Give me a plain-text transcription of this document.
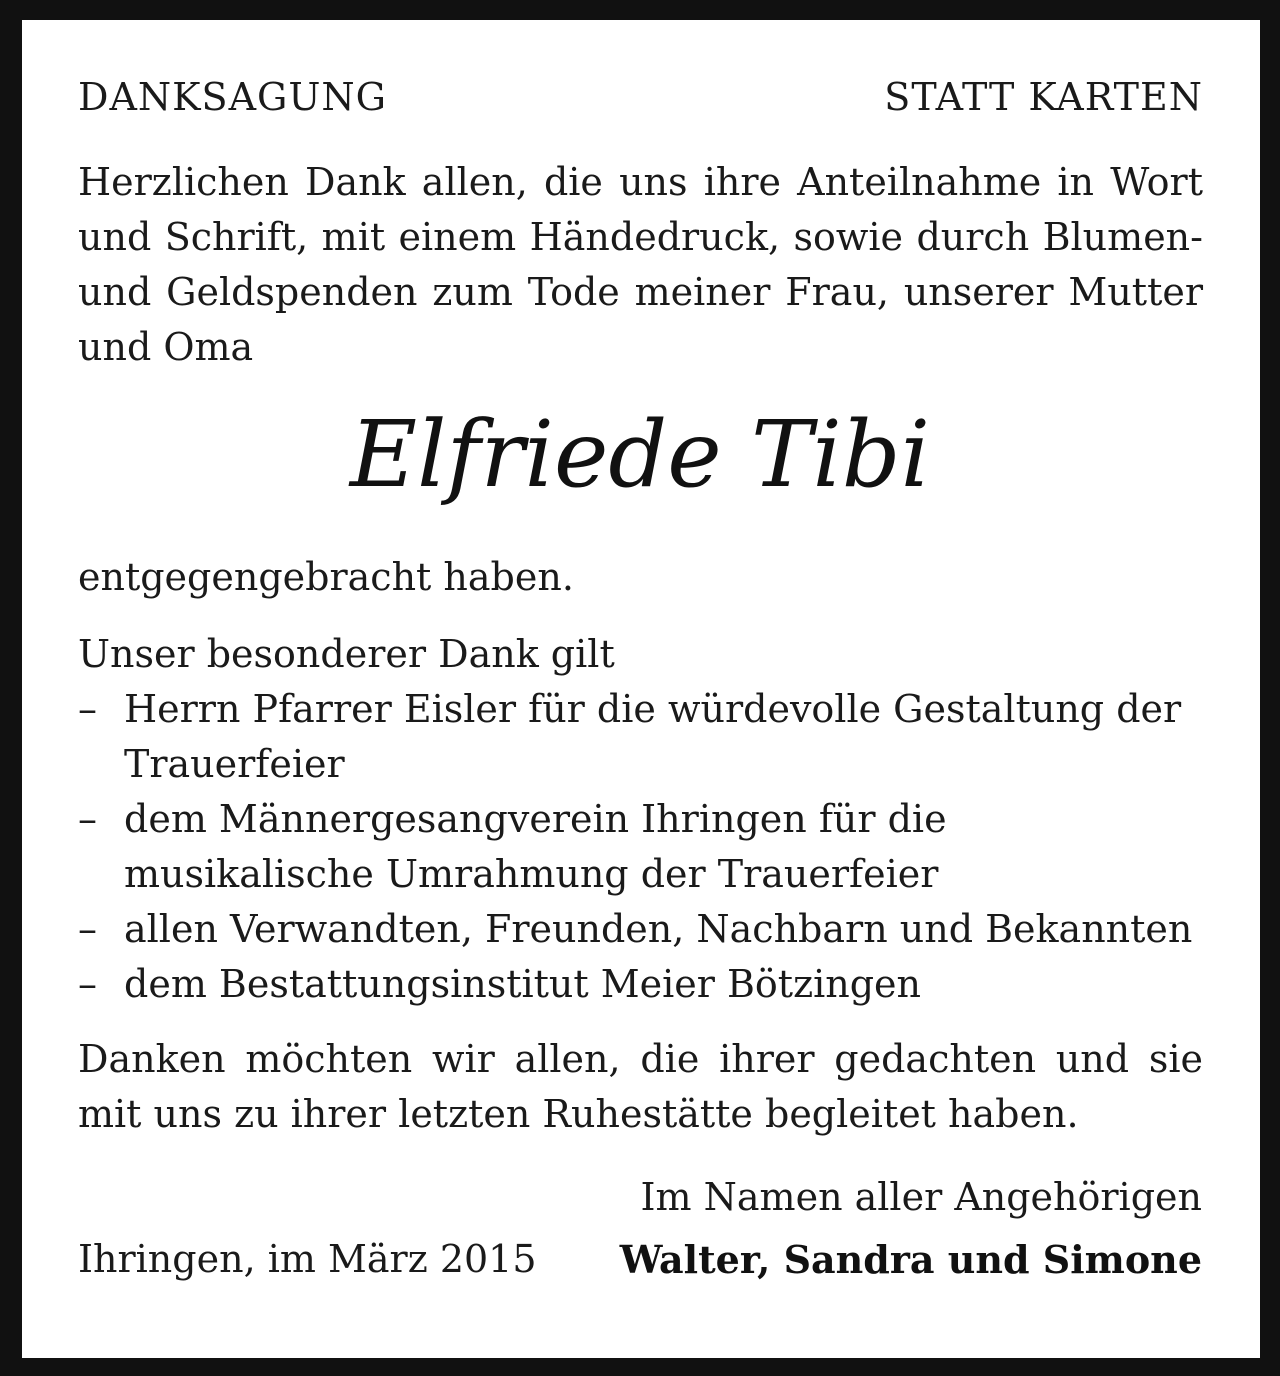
DANKSAGUNG	STATT KARTEN
Herzlichen Dank allen, die uns ihre Anteilnahme in Wort und Schrift, mit einem Händedruck, sowie durch Blumen- und Geldspenden zum Tode meiner Frau, unserer Mutter und Oma
Elfriede Tibi
entgegengebracht haben.
Unser besonderer Dank gilt
– Herrn Pfarrer Eisler für die würdevolle Gestaltung der Trauerfeier
– dem Männergesangverein Ihringen für die musikalische Umrahmung der Trauerfeier
– allen Verwandten, Freunden, Nachbarn und Bekannten
– dem Bestattungsinstitut Meier Bötzingen
Danken möchten wir allen, die ihrer gedachten und sie mit uns zu ihrer letzten Ruhestätte begleitet haben.
Im Namen aller Angehörigen
Ihringen, im März 2015 Walter, Sandra und Simone
